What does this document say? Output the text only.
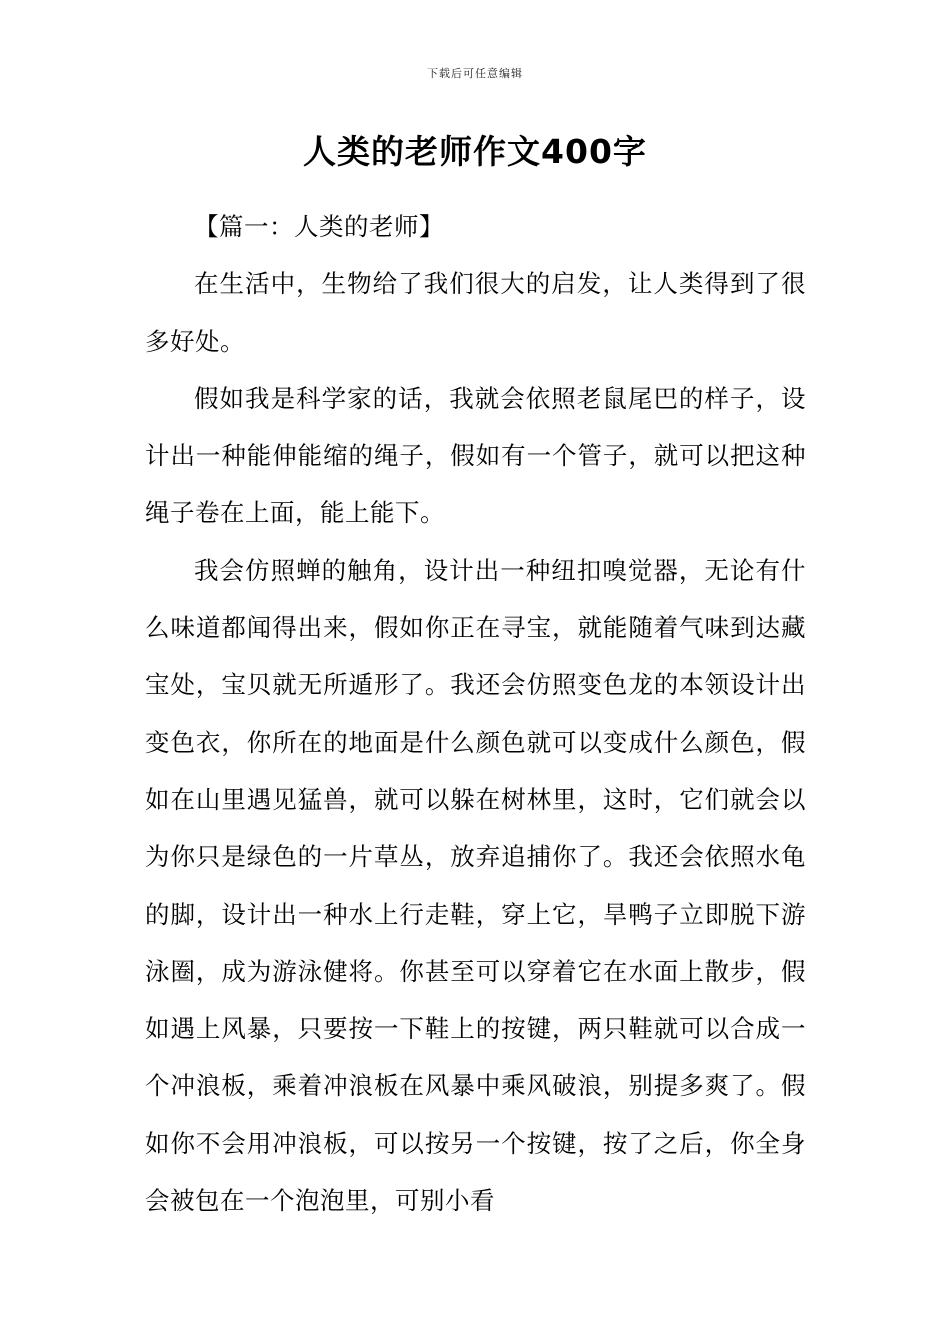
下载后可任意编辑
人类的老师作文400字

【篇一：人类的老师】

在生活中，生物给了我们很大的启发，让人类得到了很多好处。

假如我是科学家的话，我就会依照老鼠尾巴的样子，设计出一种能伸能缩的绳子，假如有一个管子，就可以把这种绳子卷在上面，能上能下。

我会仿照蝉的触角，设计出一种纽扣嗅觉器，无论有什么味道都闻得出来，假如你正在寻宝，就能随着气味到达藏宝处，宝贝就无所遁形了。我还会仿照变色龙的本领设计出变色衣，你所在的地面是什么颜色就可以变成什么颜色，假如在山里遇见猛兽，就可以躲在树林里，这时，它们就会以为你只是绿色的一片草丛，放弃追捕你了。我还会依照水龟的脚，设计出一种水上行走鞋，穿上它，旱鸭子立即脱下游泳圈，成为游泳健将。你甚至可以穿着它在水面上散步，假如遇上风暴，只要按一下鞋上的按键，两只鞋就可以合成一个冲浪板，乘着冲浪板在风暴中乘风破浪，别提多爽了。假如你不会用冲浪板，可以按另一个按键，按了之后，你全身会被包在一个泡泡里，可别小看
